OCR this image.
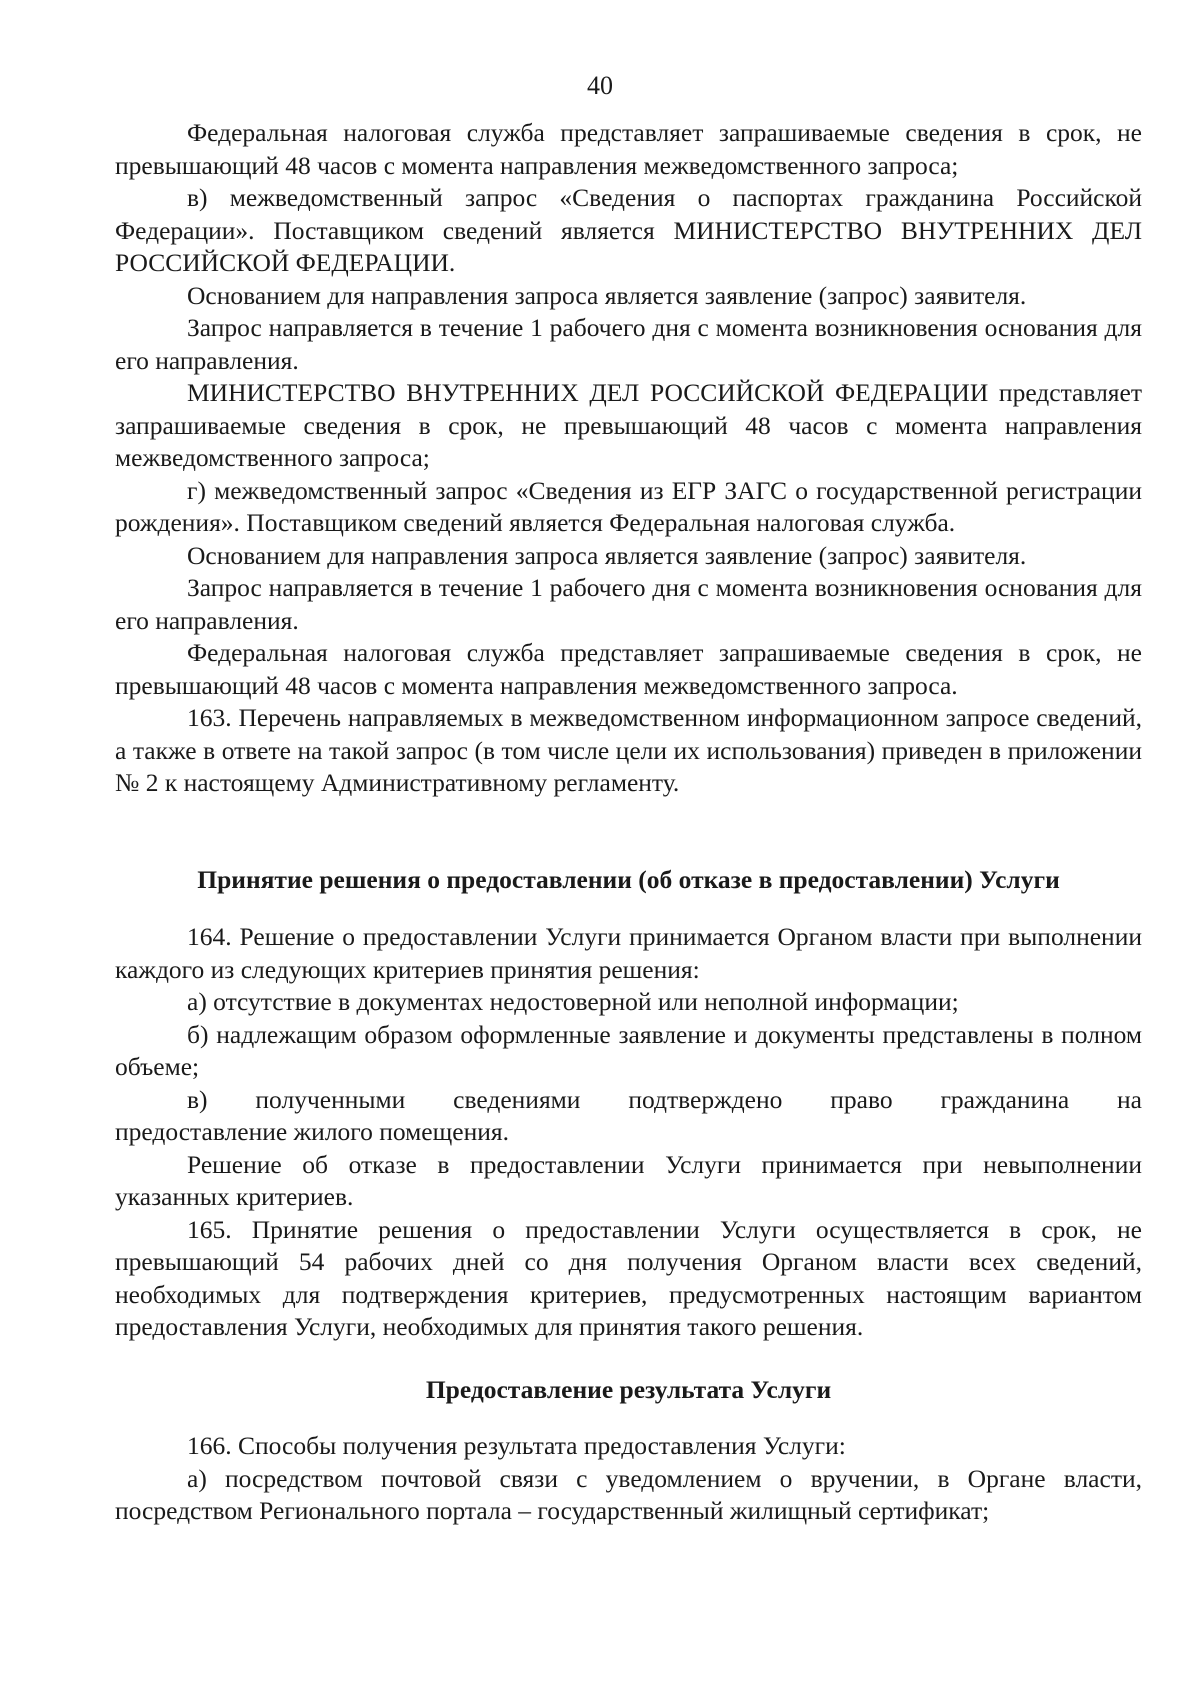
40

Федеральная налоговая служба представляет запрашиваемые сведения в срок, не превышающий 48 часов с момента направления межведомственного запроса;

в) межведомственный запрос «Сведения о паспортах гражданина Российской Федерации». Поставщиком сведений является МИНИСТЕРСТВО ВНУТРЕННИХ ДЕЛ РОССИЙСКОЙ ФЕДЕРАЦИИ.

Основанием для направления запроса является заявление (запрос) заявителя.

Запрос направляется в течение 1 рабочего дня с момента возникновения основания для его направления.

МИНИСТЕРСТВО ВНУТРЕННИХ ДЕЛ РОССИЙСКОЙ ФЕДЕРАЦИИ представляет запрашиваемые сведения в срок, не превышающий 48 часов с момента направления межведомственного запроса;

г) межведомственный запрос «Сведения из ЕГР ЗАГС о государственной регистрации рождения». Поставщиком сведений является Федеральная налоговая служба.

Основанием для направления запроса является заявление (запрос) заявителя.

Запрос направляется в течение 1 рабочего дня с момента возникновения основания для его направления.

Федеральная налоговая служба представляет запрашиваемые сведения в срок, не превышающий 48 часов с момента направления межведомственного запроса.

163. Перечень направляемых в межведомственном информационном запросе сведений, а также в ответе на такой запрос (в том числе цели их использования) приведен в приложении № 2 к настоящему Административному регламенту.

Принятие решения о предоставлении (об отказе в предоставлении) Услуги

164. Решение о предоставлении Услуги принимается Органом власти при выполнении каждого из следующих критериев принятия решения:

а) отсутствие в документах недостоверной или неполной информации;

б) надлежащим образом оформленные заявление и документы представлены в полном объеме;

в) полученными сведениями подтверждено право гражданина на

предоставление жилого помещения.

Решение об отказе в предоставлении Услуги принимается при невыполнении указанных критериев.

165. Принятие решения о предоставлении Услуги осуществляется в срок, не превышающий 54 рабочих дней со дня получения Органом власти всех сведений, необходимых для подтверждения критериев, предусмотренных настоящим вариантом предоставления Услуги, необходимых для принятия такого решения.

Предоставление результата Услуги

166. Способы получения результата предоставления Услуги:

а) посредством почтовой связи с уведомлением о вручении, в Органе власти, посредством Регионального портала – государственный жилищный сертификат;
